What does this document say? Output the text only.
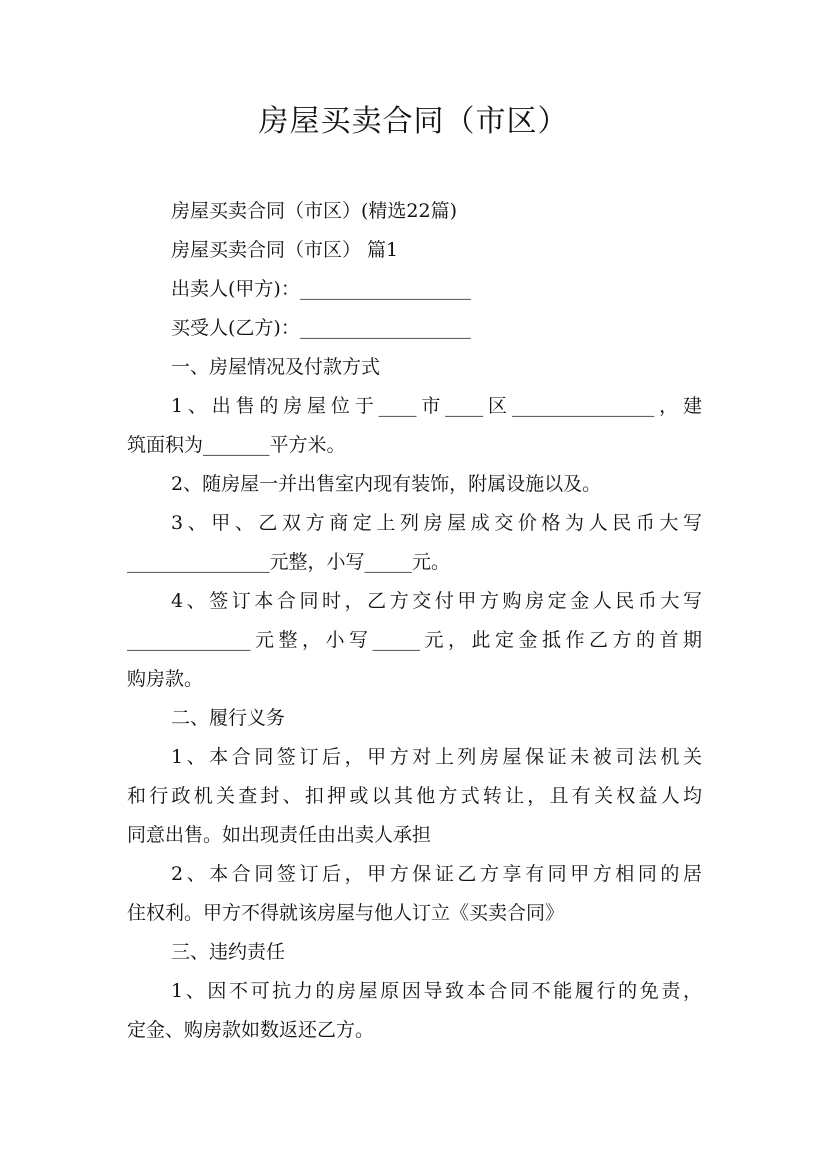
房屋买卖合同（市区）
房屋买卖合同（市区）(精选22篇)
房屋买卖合同（市区） 篇1
出卖人(甲方)：__________________
买受人(乙方)：__________________
一、房屋情况及付款方式
1、出售的房屋位于____市____区_______________，建
筑面积为_______平方米。
2、随房屋一并出售室内现有装饰，附属设施以及。
3、甲、乙双方商定上列房屋成交价格为人民币大写
_______________元整，小写_____元。
4、签订本合同时，乙方交付甲方购房定金人民币大写
_____________元整，小写_____元，此定金抵作乙方的首期
购房款。
二、履行义务
1、本合同签订后，甲方对上列房屋保证未被司法机关
和行政机关查封、扣押或以其他方式转让，且有关权益人均
同意出售。如出现责任由出卖人承担
2、本合同签订后，甲方保证乙方享有同甲方相同的居
住权利。甲方不得就该房屋与他人订立《买卖合同》
三、违约责任
1、因不可抗力的房屋原因导致本合同不能履行的免责，
定金、购房款如数返还乙方。
